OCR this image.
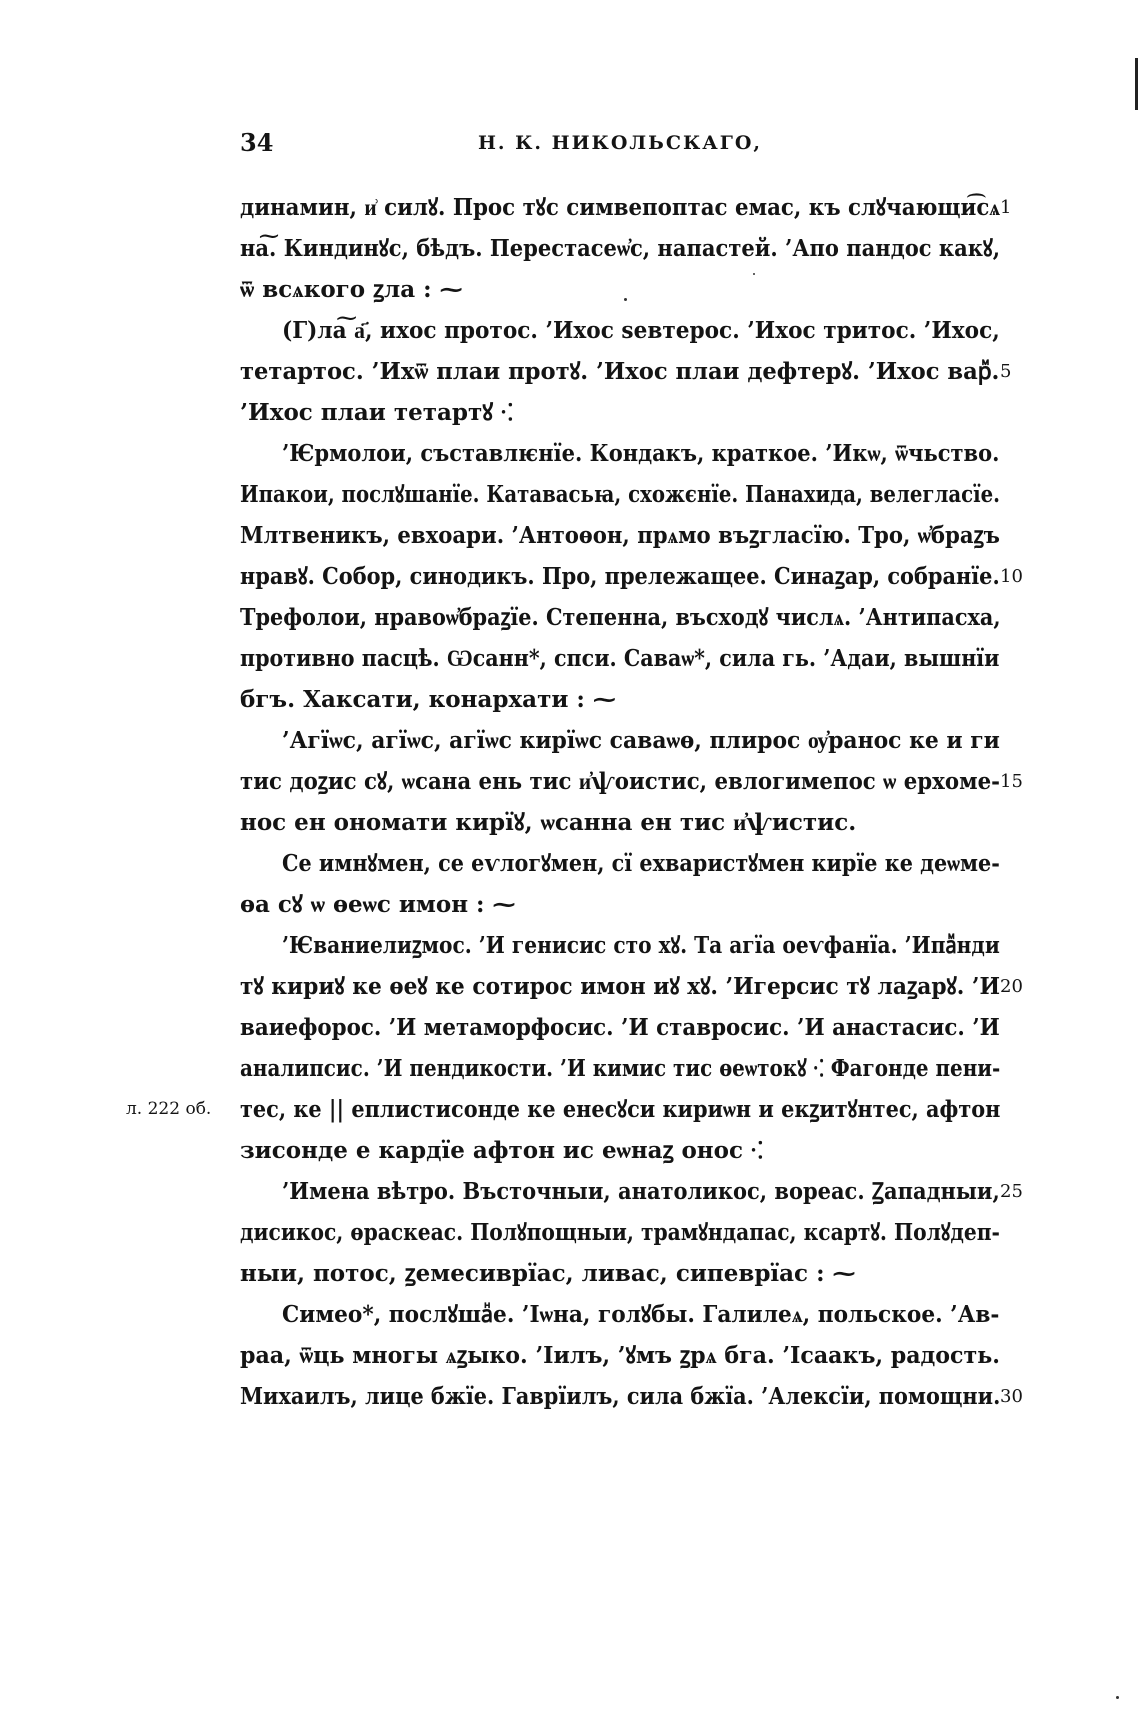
34	Н. К. НИКОЛЬСКАГО,
динамин, и͗ силꙋ. Прос тꙋс симвепоптас емас, къ слꙋчающи͡сѧ 1
на͠. Киндинꙋс, бѣдъ. Перестасеѡ҆с, напастей. ’Апо пандос какꙋ,
ѿ всѧкого ꙁла : ⁓
(Г)ла͠ а҃, ихос протос. ’Ихос ѕевтерос. ’Ихос тритос. ’Ихос,
тетартос. ’Ихѿ плаи протꙋ. ’Ихос плаи дефтерꙋ. ’Ихос варⷨ. 5
’Ихос плаи тетартꙋ ⁖
’Ѥрмолои, съставлѥнїе. Кондакъ, краткое. ’Икѡ, ѿчьство.
Ипакои, послꙋшанїе. Катавасьꙗ, схожєнїе. Панахида, велегласїе.
Млтвеникъ, евхоари. ’Антоѳон, прѧмо въꙁгласїю. Тро, ѡ҆браꙁъ
нравꙋ. Собор, синодикъ. Про, прележащее. Синаꙁар, собранїе. 10
Трефолои, нравоѡ҆браꙁїе. Степенна, въсходꙋ числѧ. ’Антипасха,
противно пасцѣ. Ѡсанн*, спси. Саваѡ*, сила гь. ’Адаи, вышнїи
бгъ. Хаксати, конархати : ⁓
’Агїѡс, агїѡс, агїѡс кирїѡс саваѡѳ, плирос ѹ̓ранос ке и ги
тис доꙁис сꙋ, ѡсана ень тис и҆ѱоистис, евлогимепос ѡ ерхоме- 15
нос ен ономати кирїꙋ, ѡсанна ен тис и҆ѱистис.
Се имнꙋмен, се еѵлогꙋмен, сї ехваристꙋмен кирїе ке деѡме-
ѳа сꙋ ѡ ѳеѡс имон : ⁓
’Ѥваниелиꙁмос. ’И генисис сто хꙋ. Та агїа оеѵфанїа. ’Ипаⷨнди
тꙋ кириꙋ ке ѳеꙋ ке сотирос имон иꙋ хꙋ. ’Игерсис тꙋ лаꙁарꙋ. ’И 20
ваиефорос. ’И метаморфосис. ’И ставросис. ’И анастасис. ’И
аналипсис. ’И пендикости. ’И кимис тис ѳеѡтокꙋ ⁖ Фагонде пени-
тес, ке || еплистисонде ке енесꙋси кириѡн и екꙁитꙋнтес, афтон
л. 222 об.
зисонде е кардїе афтон ис еѡнаꙁ онос ⁖
’Имена вѣтро. Въсточныи, анатоликос, вореас. Ꙁападныи, 25
дисикос, ѳраскеас. Полꙋпощныи, трамꙋндапас, ксартꙋ. Полꙋдеп-
ныи, потос, ꙁемесиврїас, ливас, сипеврїас : ⁓
Симео*, послꙋшаⷩе. ’Іѡна, голꙋбы. Галилеѧ, польское. ’Ав-
раа, ѿць многы ѧꙁыко. ’Іилъ, ’ꙋмъ ꙁрѧ бга. ’Ісаакъ, радость.
Михаилъ, лице бжїе. Гаврїилъ, сила бжїа. ’Алексїи, помощни. 30
